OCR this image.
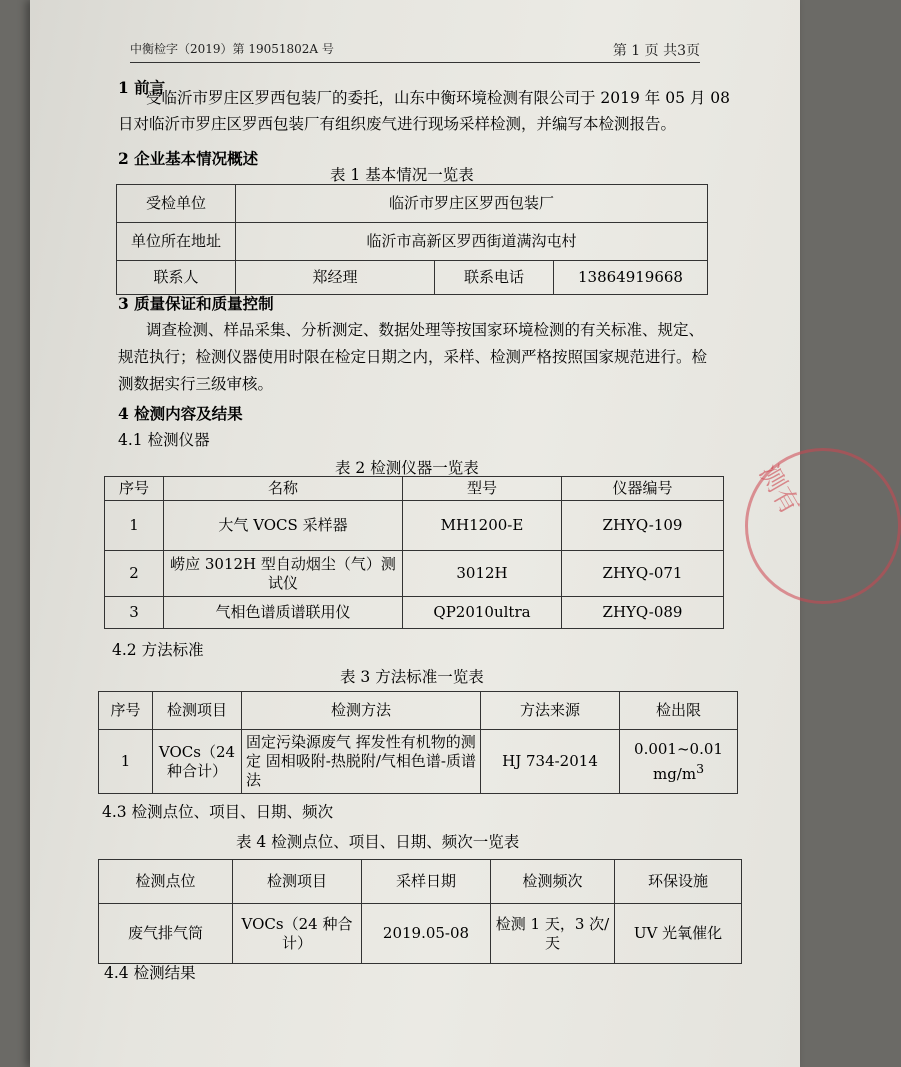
中衡检字（2019）第 19051802A 号	第 1 页 共3页
1 前言
受临沂市罗庄区罗西包装厂的委托，山东中衡环境检测有限公司于 2019 年 05 月 08
日对临沂市罗庄区罗西包装厂有组织废气进行现场采样检测，并编写本检测报告。
2 企业基本情况概述
表 1 基本情况一览表
受检单位	临沂市罗庄区罗西包装厂		
单位所在地址	临沂市高新区罗西街道满沟屯村		
联系人	郑经理	联系电话	13864919668
3 质量保证和质量控制
调查检测、样品采集、分析测定、数据处理等按国家环境检测的有关标准、规定、
规范执行；检测仪器使用时限在检定日期之内，采样、检测严格按照国家规范进行。检
测数据实行三级审核。
4 检测内容及结果
4.1 检测仪器
表 2 检测仪器一览表
序号	名称	型号	仪器编号
1	大气 VOCS 采样器	MH1200-E	ZHYQ-109
2	崂应 3012H 型自动烟尘（气）测试仪	3012H	ZHYQ-071
3	气相色谱质谱联用仪	QP2010ultra	ZHYQ-089
4.2 方法标准
表 3 方法标准一览表
序号	检测项目	检测方法	方法来源	检出限
1	VOCs（24 种合计）	固定污染源废气 挥发性有机物的测定 固相吸附-热脱附/气相色谱-质谱法	HJ 734-2014	0.001~0.01
$mg/m^3$
4.3 检测点位、项目、日期、频次
表 4 检测点位、项目、日期、频次一览表
检测点位	检测项目	采样日期	检测频次	环保设施
废气排气筒	VOCs（24 种合计）	2019.05-08	检测 1 天，3 次/天	UV 光氧催化
4.4 检测结果
测有
